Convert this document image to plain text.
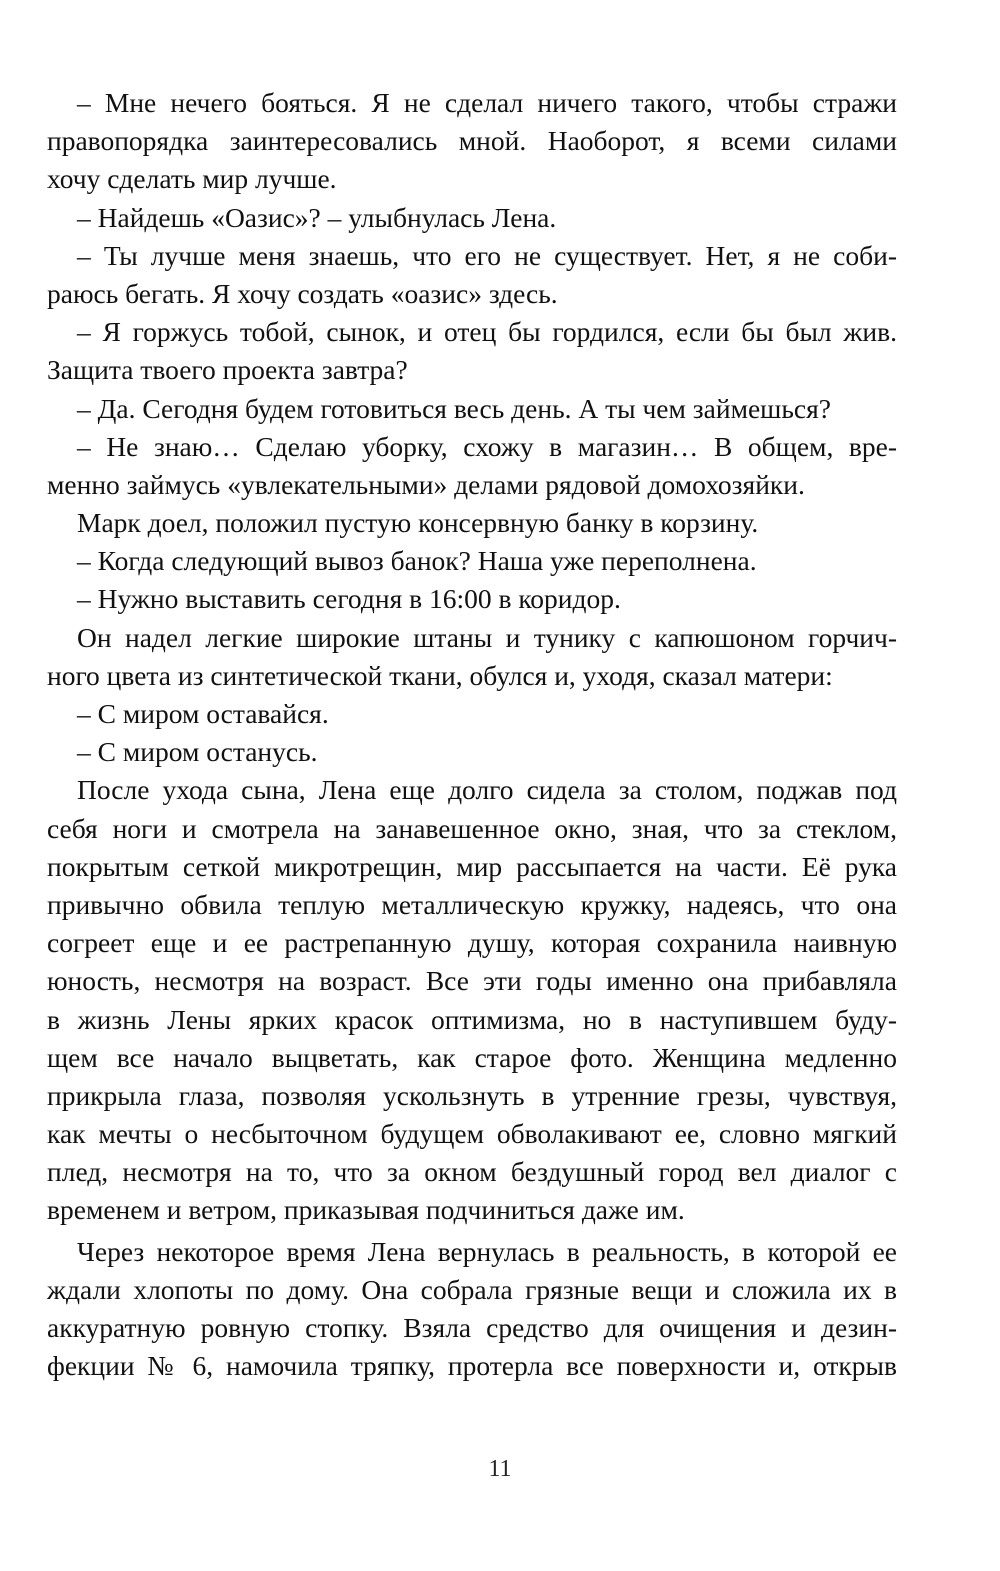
– Мне нечего бояться. Я не сделал ничего такого, чтобы стражи
правопорядка заинтересовались мной. Наоборот, я всеми силами
хочу сделать мир лучше.
– Найдешь «Оазис»? – улыбнулась Лена.
– Ты лучше меня знаешь, что его не существует. Нет, я не соби-
раюсь бегать. Я хочу создать «оазис» здесь.
– Я горжусь тобой, сынок, и отец бы гордился, если бы был жив.
Защита твоего проекта завтра?
– Да. Сегодня будем готовиться весь день. А ты чем займешься?
– Не знаю… Сделаю уборку, схожу в магазин… В общем, вре-
менно займусь «увлекательными» делами рядовой домохозяйки.
Марк доел, положил пустую консервную банку в корзину.
– Когда следующий вывоз банок? Наша уже переполнена.
– Нужно выставить сегодня в 16:00 в коридор.
Он надел легкие широкие штаны и тунику с капюшоном горчич-
ного цвета из синтетической ткани, обулся и, уходя, сказал матери:
– С миром оставайся.
– С миром останусь.
После ухода сына, Лена еще долго сидела за столом, поджав под
себя ноги и смотрела на занавешенное окно, зная, что за стеклом,
покрытым сеткой микротрещин, мир рассыпается на части. Её рука
привычно обвила теплую металлическую кружку, надеясь, что она
согреет еще и ее растрепанную душу, которая сохранила наивную
юность, несмотря на возраст. Все эти годы именно она прибавляла
в жизнь Лены ярких красок оптимизма, но в наступившем буду-
щем все начало выцветать, как старое фото. Женщина медленно
прикрыла глаза, позволяя ускользнуть в утренние грезы, чувствуя,
как мечты о несбыточном будущем обволакивают ее, словно мягкий
плед, несмотря на то, что за окном бездушный город вел диалог с
временем и ветром, приказывая подчиниться даже им.
Через некоторое время Лена вернулась в реальность, в которой ее
ждали хлопоты по дому. Она собрала грязные вещи и сложила их в
аккуратную ровную стопку. Взяла средство для очищения и дезин-
фекции № 6, намочила тряпку, протерла все поверхности и, открыв
11
